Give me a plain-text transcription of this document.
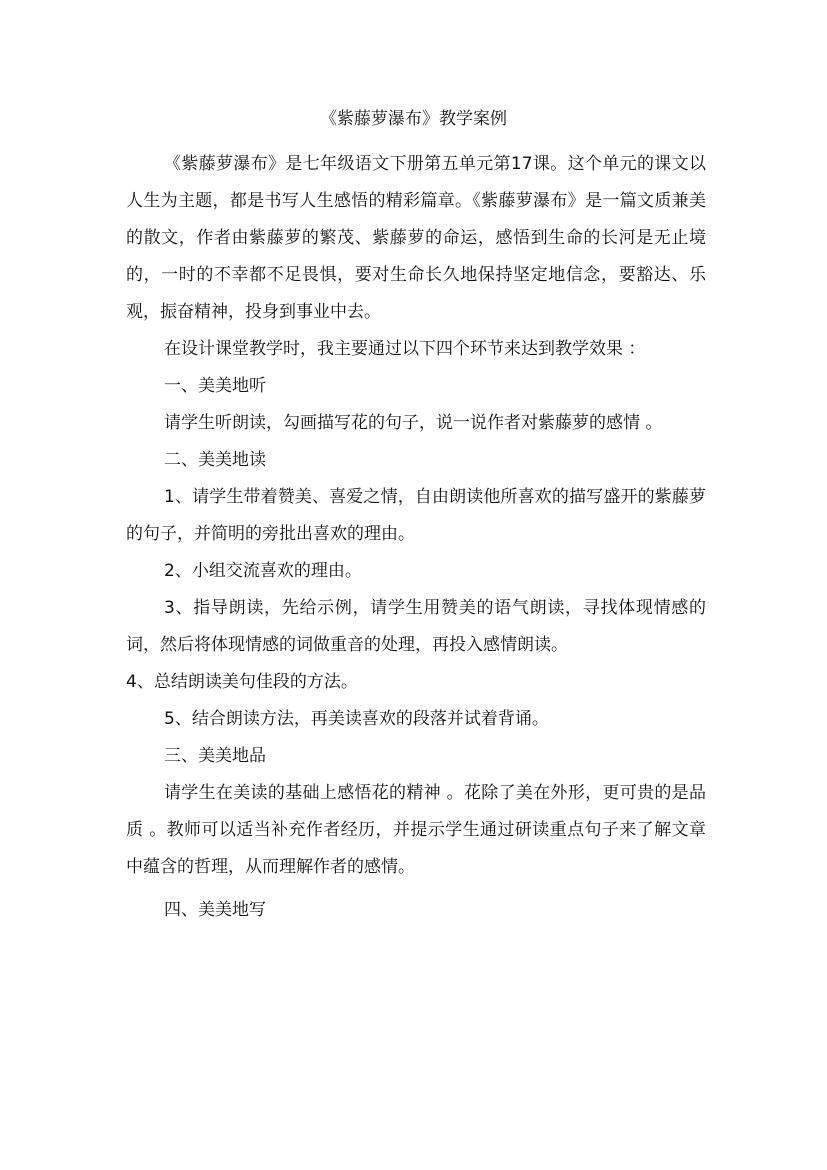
《紫藤萝瀑布》教学案例

《紫藤萝瀑布》是七年级语文下册第五单元第17课。这个单元的课文以人生为主题，都是书写人生感悟的精彩篇章。《紫藤萝瀑布》是一篇文质兼美的散文，作者由紫藤萝的繁茂、紫藤萝的命运，感悟到生命的长河是无止境的，一时的不幸都不足畏惧，要对生命长久地保持坚定地信念，要豁达、乐观，振奋精神，投身到事业中去。

在设计课堂教学时，我主要通过以下四个环节来达到教学效果 ：

一、美美地听

请学生听朗读，勾画描写花的句子，说一说作者对紫藤萝的感情 。

二、美美地读

1、请学生带着赞美、喜爱之情，自由朗读他所喜欢的描写盛开的紫藤萝的句子，并简明的旁批出喜欢的理由。

2、小组交流喜欢的理由。

3、指导朗读，先给示例，请学生用赞美的语气朗读，寻找体现情感的词，然后将体现情感的词做重音的处理，再投入感情朗读。

4、总结朗读美句佳段的方法。

5、结合朗读方法，再美读喜欢的段落并试着背诵。

三、美美地品

请学生在美读的基础上感悟花的精神 。花除了美在外形，更可贵的是品质 。教师可以适当补充作者经历，并提示学生通过研读重点句子来了解文章中蕴含的哲理，从而理解作者的感情。

四、美美地写
